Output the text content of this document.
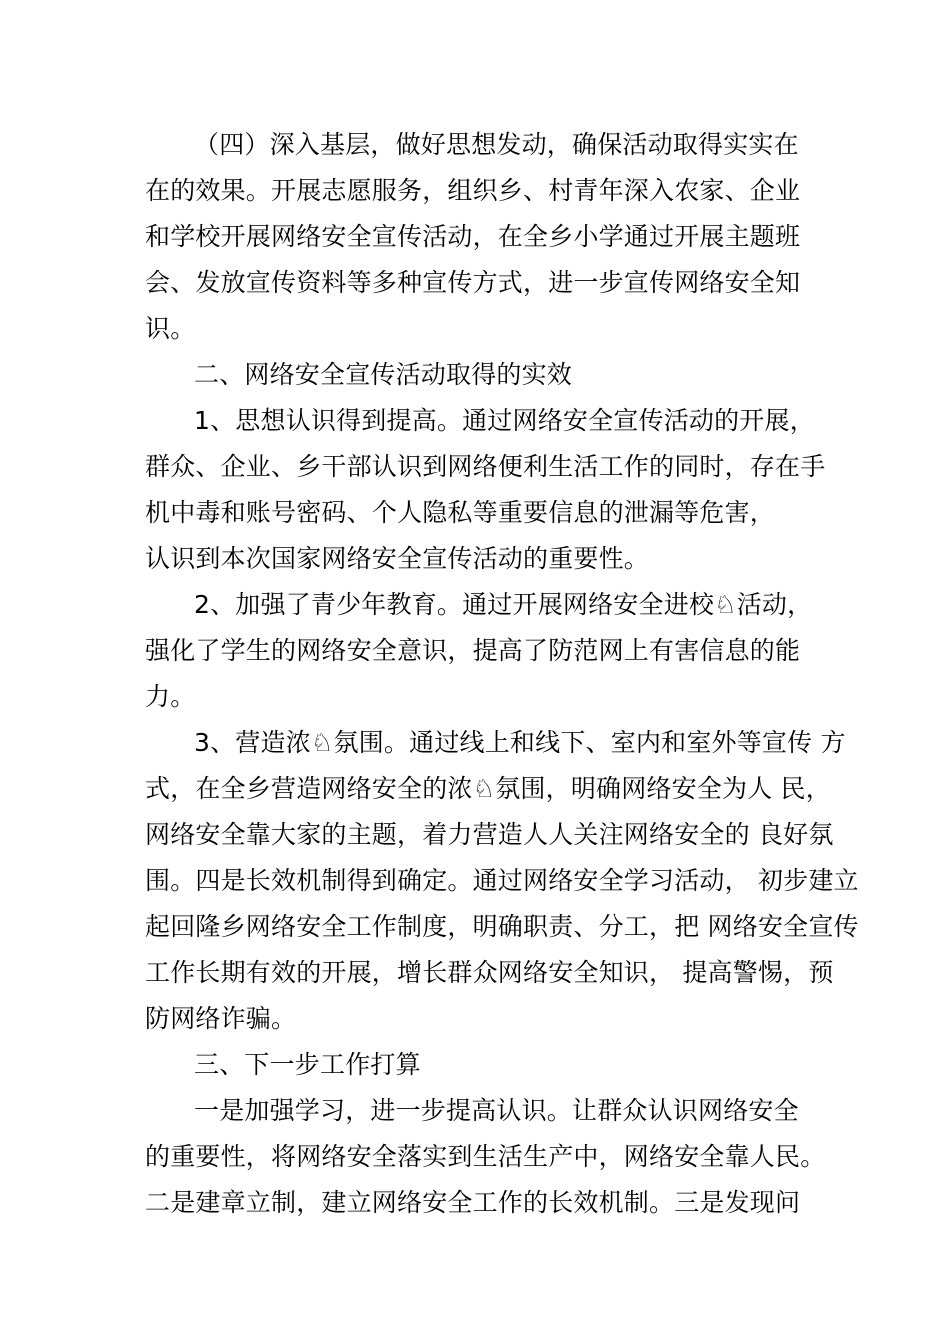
（四）深入基层，做好思想发动，确保活动取得实实在
在的效果。开展志愿服务，组织乡、村青年深入农家、企业
和学校开展网络安全宣传活动，在全乡小学通过开展主题班
会、发放宣传资料等多种宣传方式，进一步宣传网络安全知
识。
二、网络安全宣传活动取得的实效
1、思想认识得到提高。通过网络安全宣传活动的开展，
群众、企业、乡干部认识到网络便利生活工作的同时，存在手
机中毒和账号密码、个人隐私等重要信息的泄漏等危害，
认识到本次国家网络安全宣传活动的重要性。
2、加强了青少年教育。通过开展网络安全进校♘活动，
强化了学生的网络安全意识，提高了防范网上有害信息的能
力。
3、营造浓♘氛围。通过线上和线下、室内和室外等宣传 方
式，在全乡营造网络安全的浓♘氛围，明确网络安全为人 民，
网络安全靠大家的主题，着力营造人人关注网络安全的 良好氛
围。四是长效机制得到确定。通过网络安全学习活动， 初步建立
起回隆乡网络安全工作制度，明确职责、分工，把 网络安全宣传
工作长期有效的开展，增长群众网络安全知识， 提高警惕，预
防网络诈骗。
三、下一步工作打算
一是加强学习，进一步提高认识。让群众认识网络安全
的重要性，将网络安全落实到生活生产中，网络安全靠人民。
二是建章立制，建立网络安全工作的长效机制。三是发现问
